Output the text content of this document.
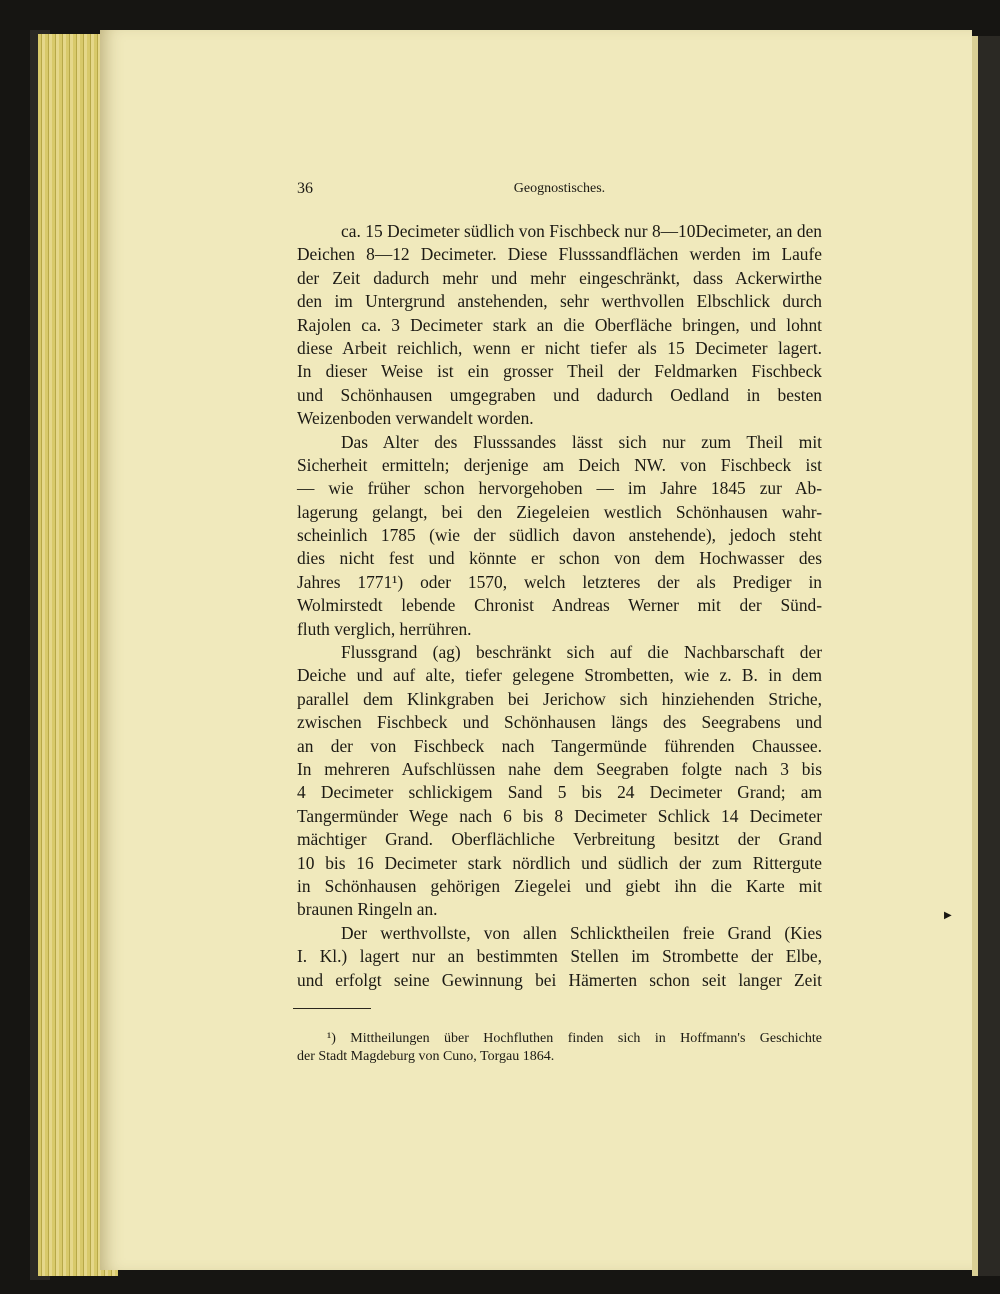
▶
36	Geognostisches.
ca. 15 Decimeter südlich von Fischbeck nur 8—10Decimeter, an den
Deichen 8—12 Decimeter. Diese Flusssandflächen werden im Laufe
der Zeit dadurch mehr und mehr eingeschränkt, dass Ackerwirthe
den im Untergrund anstehenden, sehr werthvollen Elbschlick durch
Rajolen ca. 3 Decimeter stark an die Oberfläche bringen, und lohnt
diese Arbeit reichlich, wenn er nicht tiefer als 15 Decimeter lagert.
In dieser Weise ist ein grosser Theil der Feldmarken Fischbeck
und Schönhausen umgegraben und dadurch Oedland in besten
Weizenboden verwandelt worden.
Das Alter des Flusssandes lässt sich nur zum Theil mit
Sicherheit ermitteln; derjenige am Deich NW. von Fischbeck ist
— wie früher schon hervorgehoben — im Jahre 1845 zur Ab-
lagerung gelangt, bei den Ziegeleien westlich Schönhausen wahr-
scheinlich 1785 (wie der südlich davon anstehende), jedoch steht
dies nicht fest und könnte er schon von dem Hochwasser des
Jahres 1771¹) oder 1570, welch letzteres der als Prediger in
Wolmirstedt lebende Chronist Andreas Werner mit der Sünd-
fluth verglich, herrühren.
Flussgrand (ag) beschränkt sich auf die Nachbarschaft der
Deiche und auf alte, tiefer gelegene Strombetten, wie z. B. in dem
parallel dem Klinkgraben bei Jerichow sich hinziehenden Striche,
zwischen Fischbeck und Schönhausen längs des Seegrabens und
an der von Fischbeck nach Tangermünde führenden Chaussee.
In mehreren Aufschlüssen nahe dem Seegraben folgte nach 3 bis
4 Decimeter schlickigem Sand 5 bis 24 Decimeter Grand; am
Tangermünder Wege nach 6 bis 8 Decimeter Schlick 14 Decimeter
mächtiger Grand. Oberflächliche Verbreitung besitzt der Grand
10 bis 16 Decimeter stark nördlich und südlich der zum Rittergute
in Schönhausen gehörigen Ziegelei und giebt ihn die Karte mit
braunen Ringeln an.
Der werthvollste, von allen Schlicktheilen freie Grand (Kies
I. Kl.) lagert nur an bestimmten Stellen im Strombette der Elbe,
und erfolgt seine Gewinnung bei Hämerten schon seit langer Zeit
¹) Mittheilungen über Hochfluthen finden sich in Hoffmann's Geschichte
der Stadt Magdeburg von Cuno, Torgau 1864.
